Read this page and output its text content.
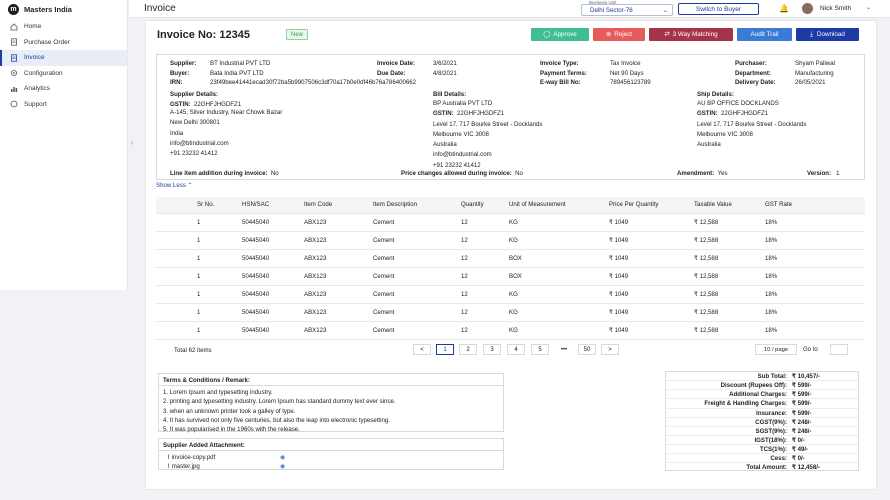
m Masters India
Home
Purchase Order
Invoice
Configuration
Analytics
Support
›
Invoice
Business Unit
Delhi Sector-76	⌄	Switch to Buyer	🔔	Nick Smith ⌄
Invoice No: 12345	New	◯ Approve	⊗ Reject	⇄ 3 Way Matching	Audit Trail	⤓ Download
Supplier: BT Industrial PVT LTD
Buyer:	Bata India PVT LTD
IRN:	23f49bee41441ecad30f72ba5b9907506c3df70a17b0e0df46b76a786400662
Invoice Date:	3/6/2021
Due Date:	4/8/2021
Invoice Type:	Tax Invoice
Payment Terms:	Net 90 Days
E-way Bill No:	789456123789
Purchaser:	Shyam Paliwal
Department:	Manufacturing
Delivery Date:	26/05/2021
Supplier Details:
GSTIN: 22GHFJHGDFZ1
A-145, Silver Industry, Near Chowk Bazar
New Delhi 300801
India
info@btindustrial.com
+91 23232 41412
Bill Details:
BP Australia PVT LTD
GSTIN: 22GHFJHGDFZ1
Level 17, 717 Bourke Street - Docklands
Melbourne VIC 3008
Australia
info@btindustrial.com
+91 23232 41412
Ship Details:
AU BP OFFICE DOCKLANDS
GSTIN: 22GHFJHGDFZ1
Level 17, 717 Bourke Street - Docklands
Melbourne VIC 3008
Australia
Line item addition during invoice: No	Price changes allowed during invoice: No	Amendment: Yes	Version: 1
Show Less ⌃
	Sr No.	HSN/SAC	Item Code	Item Description	Quantity	Unit of Measurement	Price Per Quantity	Taxable Value	GST Rate
	1	50445040	ABX123	Cement	12	KG	₹ 1049	₹ 12,588	18%
	1	50445040	ABX123	Cement	12	KG	₹ 1049	₹ 12,588	18%
	1	50445040	ABX123	Cement	12	BOX	₹ 1049	₹ 12,588	18%
	1	50445040	ABX123	Cement	12	BOX	₹ 1049	₹ 12,588	18%
	1	50445040	ABX123	Cement	12	KG	₹ 1049	₹ 12,588	18%
	1	50445040	ABX123	Cement	12	KG	₹ 1049	₹ 12,588	18%
	1	50445040	ABX123	Cement	12	KG	₹ 1049	₹ 12,588	18%
Total 62 items	<	1	2	3	4	5	•••	50	>	10 / page	Go to
Terms & Conditions / Remark:
1. Lorem Ipsum and typesetting industry.
2. printing and typesetting industry. Lorem Ipsum has standard dummy text ever since.
3. when an unknown printer took a galley of type.
4. It has survived not only five centuries, but also the leap into electronic typesetting.
5. It was popularised in the 1960s with the release.
Supplier Added Attachment:
⌇ invoice-copy.pdf	◉
⌇ master.jpg	◉
Sub Total: ₹ 10,457/-
Discount (Rupees Off): ₹ 599/-
Additional Charges: ₹ 599/-
Freight & Handling Charges: ₹ 599/-
Insurance: ₹ 599/-
CGST(9%): ₹ 248/-
SGST(9%): ₹ 248/-
IGST(18%): ₹ 0/-
TCS(1%): ₹ 49/-
Cess: ₹ 0/-
Total Amount: ₹ 12,458/-
